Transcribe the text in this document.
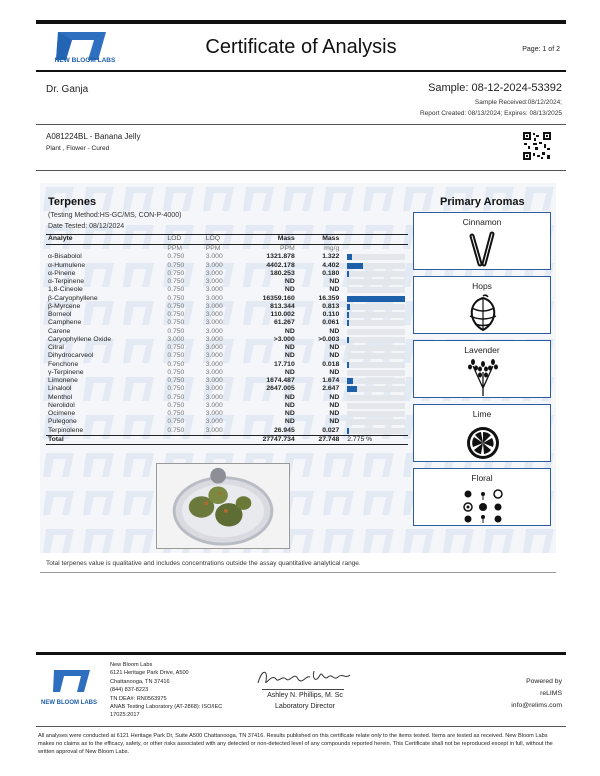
NEW BLOOM LABS
Certificate of Analysis	Page: 1 of 2
Dr. Ganja	Sample: 08-12-2024-53392
Sample Received:08/12/2024;
Report Created: 08/13/2024; Expires: 08/13/2025
A081224BL - Banana Jelly
Plant , Flower - Cured
Terpenes
(Testing Method:HS-GC/MS, CON-P-4000)
Date Tested: 08/12/2024
Analyte	LOD	LOQ	Mass	Mass	
	PPM	PPM	PPM	mg/g	
α-Bisabolol	0.750	3.000	1321.878	1.322	

α-Humulene	0.750	3.000	4402.178	4.402	

α-Pinene	0.750	3.000	180.253	0.180	

α-Terpinene	0.750	3.000	ND	ND	

1,8-Cineole	0.750	3.000	ND	ND	

β-Caryophyllene	0.750	3.000	16359.160	16.359	

β-Myrcene	0.750	3.000	813.344	0.813	

Borneol	0.750	3.000	110.002	0.110	

Camphene	0.750	3.000	61.267	0.061	

Carene	0.750	3.000	ND	ND	

Caryophyllene Oxide	3.000	3.000	>3.000	>0.003	

Citral	0.750	3.000	ND	ND	

Dihydrocarveol	0.750	3.000	ND	ND	

Fenchone	0.750	3.000	17.710	0.018	

γ-Terpinene	0.750	3.000	ND	ND	

Limonene	0.750	3.000	1674.487	1.674	

Linalool	0.750	3.000	2647.005	2.647	

Menthol	0.750	3.000	ND	ND	

Nerolidol	0.750	3.000	ND	ND	

Ocimene	0.750	3.000	ND	ND	

Pulegone	0.750	3.000	ND	ND	

Terpinolene	0.750	3.000	26.945	0.027	

Total			27747.734	27.748	2.775 %
Primary Aromas
Cinnamon
Hops
Lavender
Lime
Floral
Total terpenes value is qualitative and includes concentrations outside the assay quantitative analytical range.
NEW BLOOM LABS
New Bloom Labs
6121 Heritage Park Drive, A500
Chattanooga, TN 37416
(844) 837-8223
TN DEA#: RN0563975
ANAB Testing Laboratory (AT-2868): ISO/IEC
17025:2017
Ashley N. Phillips, M. Sc
Laboratory Director
Powered by
reLIMS
info@relims.com
All analyses were conducted at 6121 Heritage Park Dr, Suite A500 Chattanooga, TN 37416. Results published on this certificate relate only to the items tested. Items are tested as received. New Bloom Labs makes no claims as to the efficacy, safety, or other risks associated with any detected or non-detected level of any compounds reported herein. This Certificate shall not be reproduced except in full, without the written approval of New Bloom Labs.
